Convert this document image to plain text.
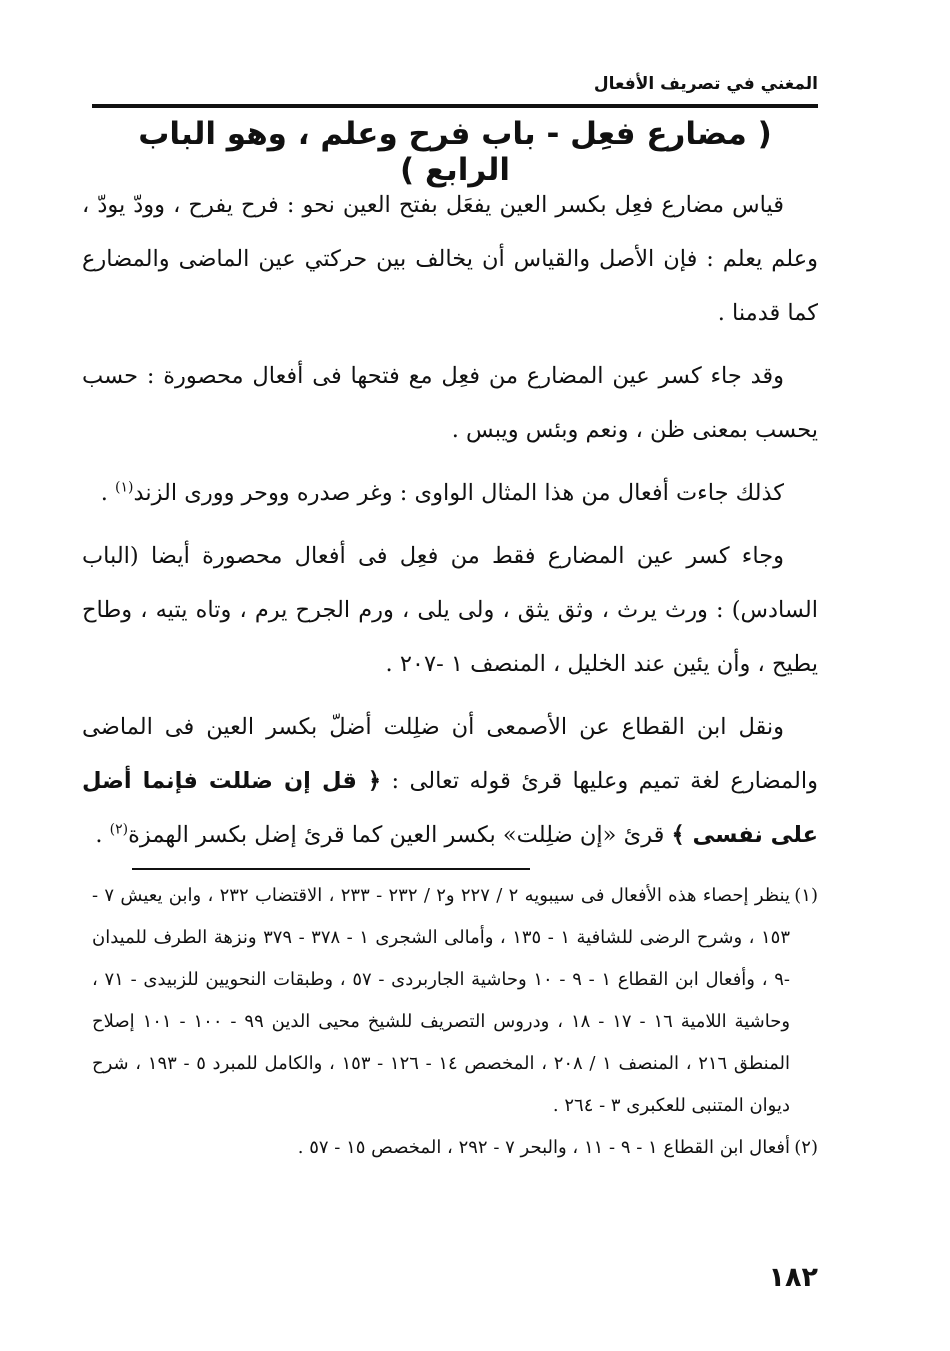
المغني في تصريف الأفعال
( مضارع فعِل - باب فرح وعلم ، وهو الباب الرابع )

قياس مضارع فعِل بكسر العين يفعَل بفتح العين نحو : فرح يفرح ، وودّ يودّ ، وعلم يعلم : فإن الأصل والقياس أن يخالف بين حركتي عين الماضى والمضارع كما قدمنا .

وقد جاء كسر عين المضارع من فعِل مع فتحها فى أفعال محصورة : حسب يحسب بمعنى ظن ، ونعم وبئس ويبس .

كذلك جاءت أفعال من هذا المثال الواوى : وغر صدره ووحر وورى الزند$^{(١)}$ .

وجاء كسر عين المضارع فقط من فعِل فى أفعال محصورة أيضا (الباب السادس) : ورث يرث ، وثق يثق ، ولى يلى ، ورم الجرح يرم ، وتاه يتيه ، وطاح يطيح ، وأن يئين عند الخليل ، المنصف ١ -٢٠٧ .

ونقل ابن القطاع عن الأصمعى أن ضلِلت أضلّ بكسر العين فى الماضى والمضارع لغة تميم وعليها قرئ قوله تعالى : ﴿ قل إن ضللت فإنما أضل على نفسى ﴾ قرئ «إن ضلِلت» بكسر العين كما قرئ إضل بكسر الهمزة$^{(٢)}$ .

(١)
ينظر إحصاء هذه الأفعال فى سيبويه ٢ / ٢٢٧ و٢ / ٢٣٢ - ٢٣٣ ، الاقتضاب ٢٣٢ ، وابن يعيش ٧ - ١٥٣ ، وشرح الرضى للشافية ١ - ١٣٥ ، وأمالى الشجرى ١ - ٣٧٨ - ٣٧٩ ونزهة الطرف للميدان -٩ ، وأفعال ابن القطاع ١ - ٩ - ١٠ وحاشية الجاربردى - ٥٧ ، وطبقات النحويين للزبيدى - ٧١ ، وحاشية اللامية ١٦ - ١٧ - ١٨ ، ودروس التصريف للشيخ محيى الدين ٩٩ - ١٠٠ - ١٠١ إصلاح المنطق ٢١٦ ، المنصف ١ / ٢٠٨ ، المخصص ١٤ - ١٢٦ - ١٥٣ ، والكامل للمبرد ٥ - ١٩٣ ، شرح ديوان المتنبى للعكبرى ٣ - ٢٦٤ .

(٢)
أفعال ابن القطاع ١ - ٩ - ١١ ، والبحر ٧ - ٢٩٢ ، المخصص ١٥ - ٥٧ .

١٨٢
